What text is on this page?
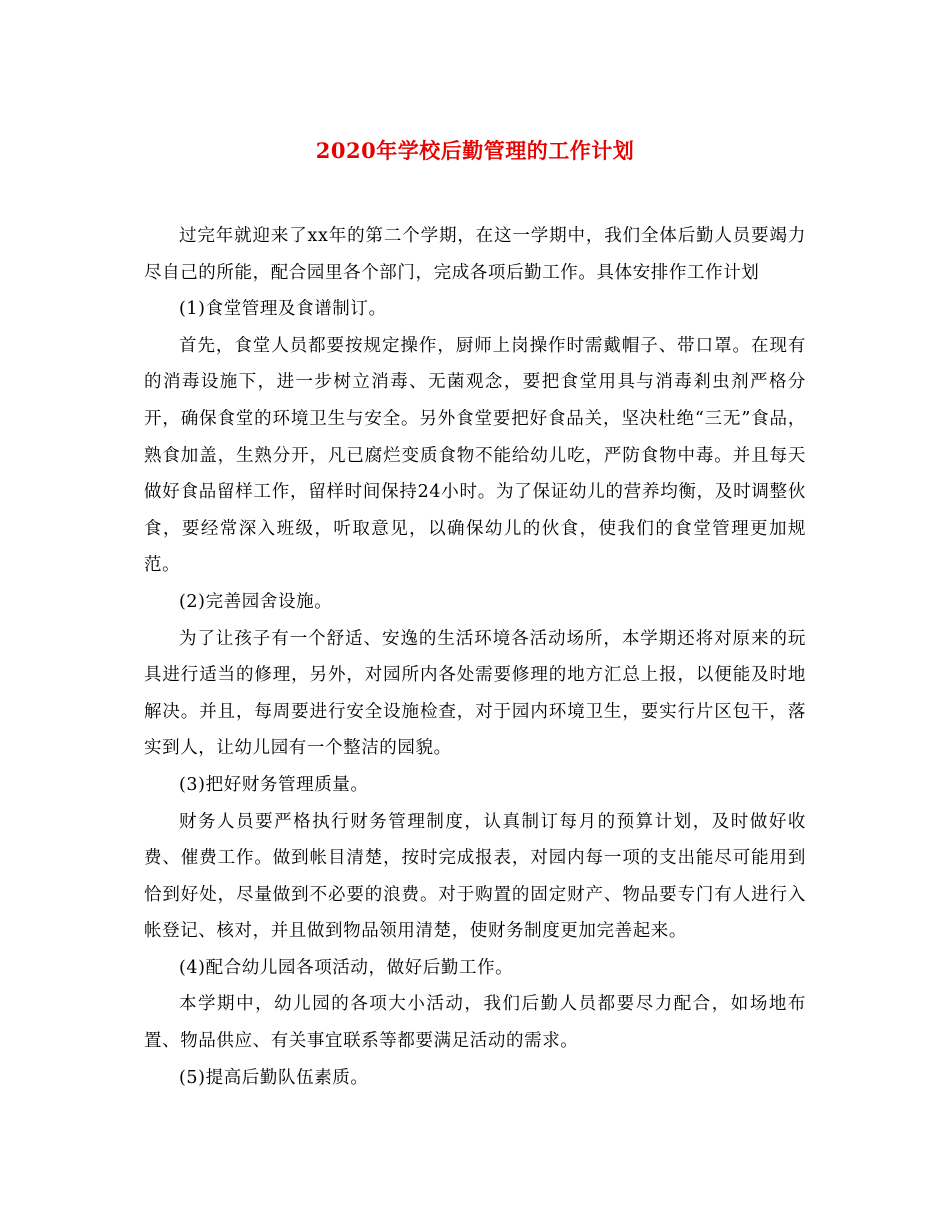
2020年学校后勤管理的工作计划

过完年就迎来了xx年的第二个学期，在这一学期中，我们全体后勤人员要竭力尽自己的所能，配合园里各个部门，完成各项后勤工作。具体安排作工作计划

(1)食堂管理及食谱制订。

首先，食堂人员都要按规定操作，厨师上岗操作时需戴帽子、带口罩。在现有的消毒设施下，进一步树立消毒、无菌观念，要把食堂用具与消毒剎虫剂严格分开，确保食堂的环境卫生与安全。另外食堂要把好食品关，坚决杜绝“三无”食品，熟食加盖，生熟分开，凡已腐烂变质食物不能给幼儿吃，严防食物中毒。并且每天做好食品留样工作，留样时间保持24小时。为了保证幼儿的营养均衡，及时调整伙食，要经常深入班级，听取意见，以确保幼儿的伙食，使我们的食堂管理更加规范。

(2)完善园舍设施。

为了让孩子有一个舒适、安逸的生活环境各活动场所，本学期还将对原来的玩具进行适当的修理，另外，对园所内各处需要修理的地方汇总上报，以便能及时地解决。并且，每周要进行安全设施检查，对于园内环境卫生，要实行片区包干，落实到人，让幼儿园有一个整洁的园貌。

(3)把好财务管理质量。

财务人员要严格执行财务管理制度，认真制订每月的预算计划，及时做好收费、催费工作。做到帐目清楚，按时完成报表，对园内每一项的支出能尽可能用到恰到好处，尽量做到不必要的浪费。对于购置的固定财产、物品要专门有人进行入帐登记、核对，并且做到物品领用清楚，使财务制度更加完善起来。

(4)配合幼儿园各项活动，做好后勤工作。

本学期中，幼儿园的各项大小活动，我们后勤人员都要尽力配合，如场地布置、物品供应、有关事宜联系等都要满足活动的需求。

(5)提高后勤队伍素质。
